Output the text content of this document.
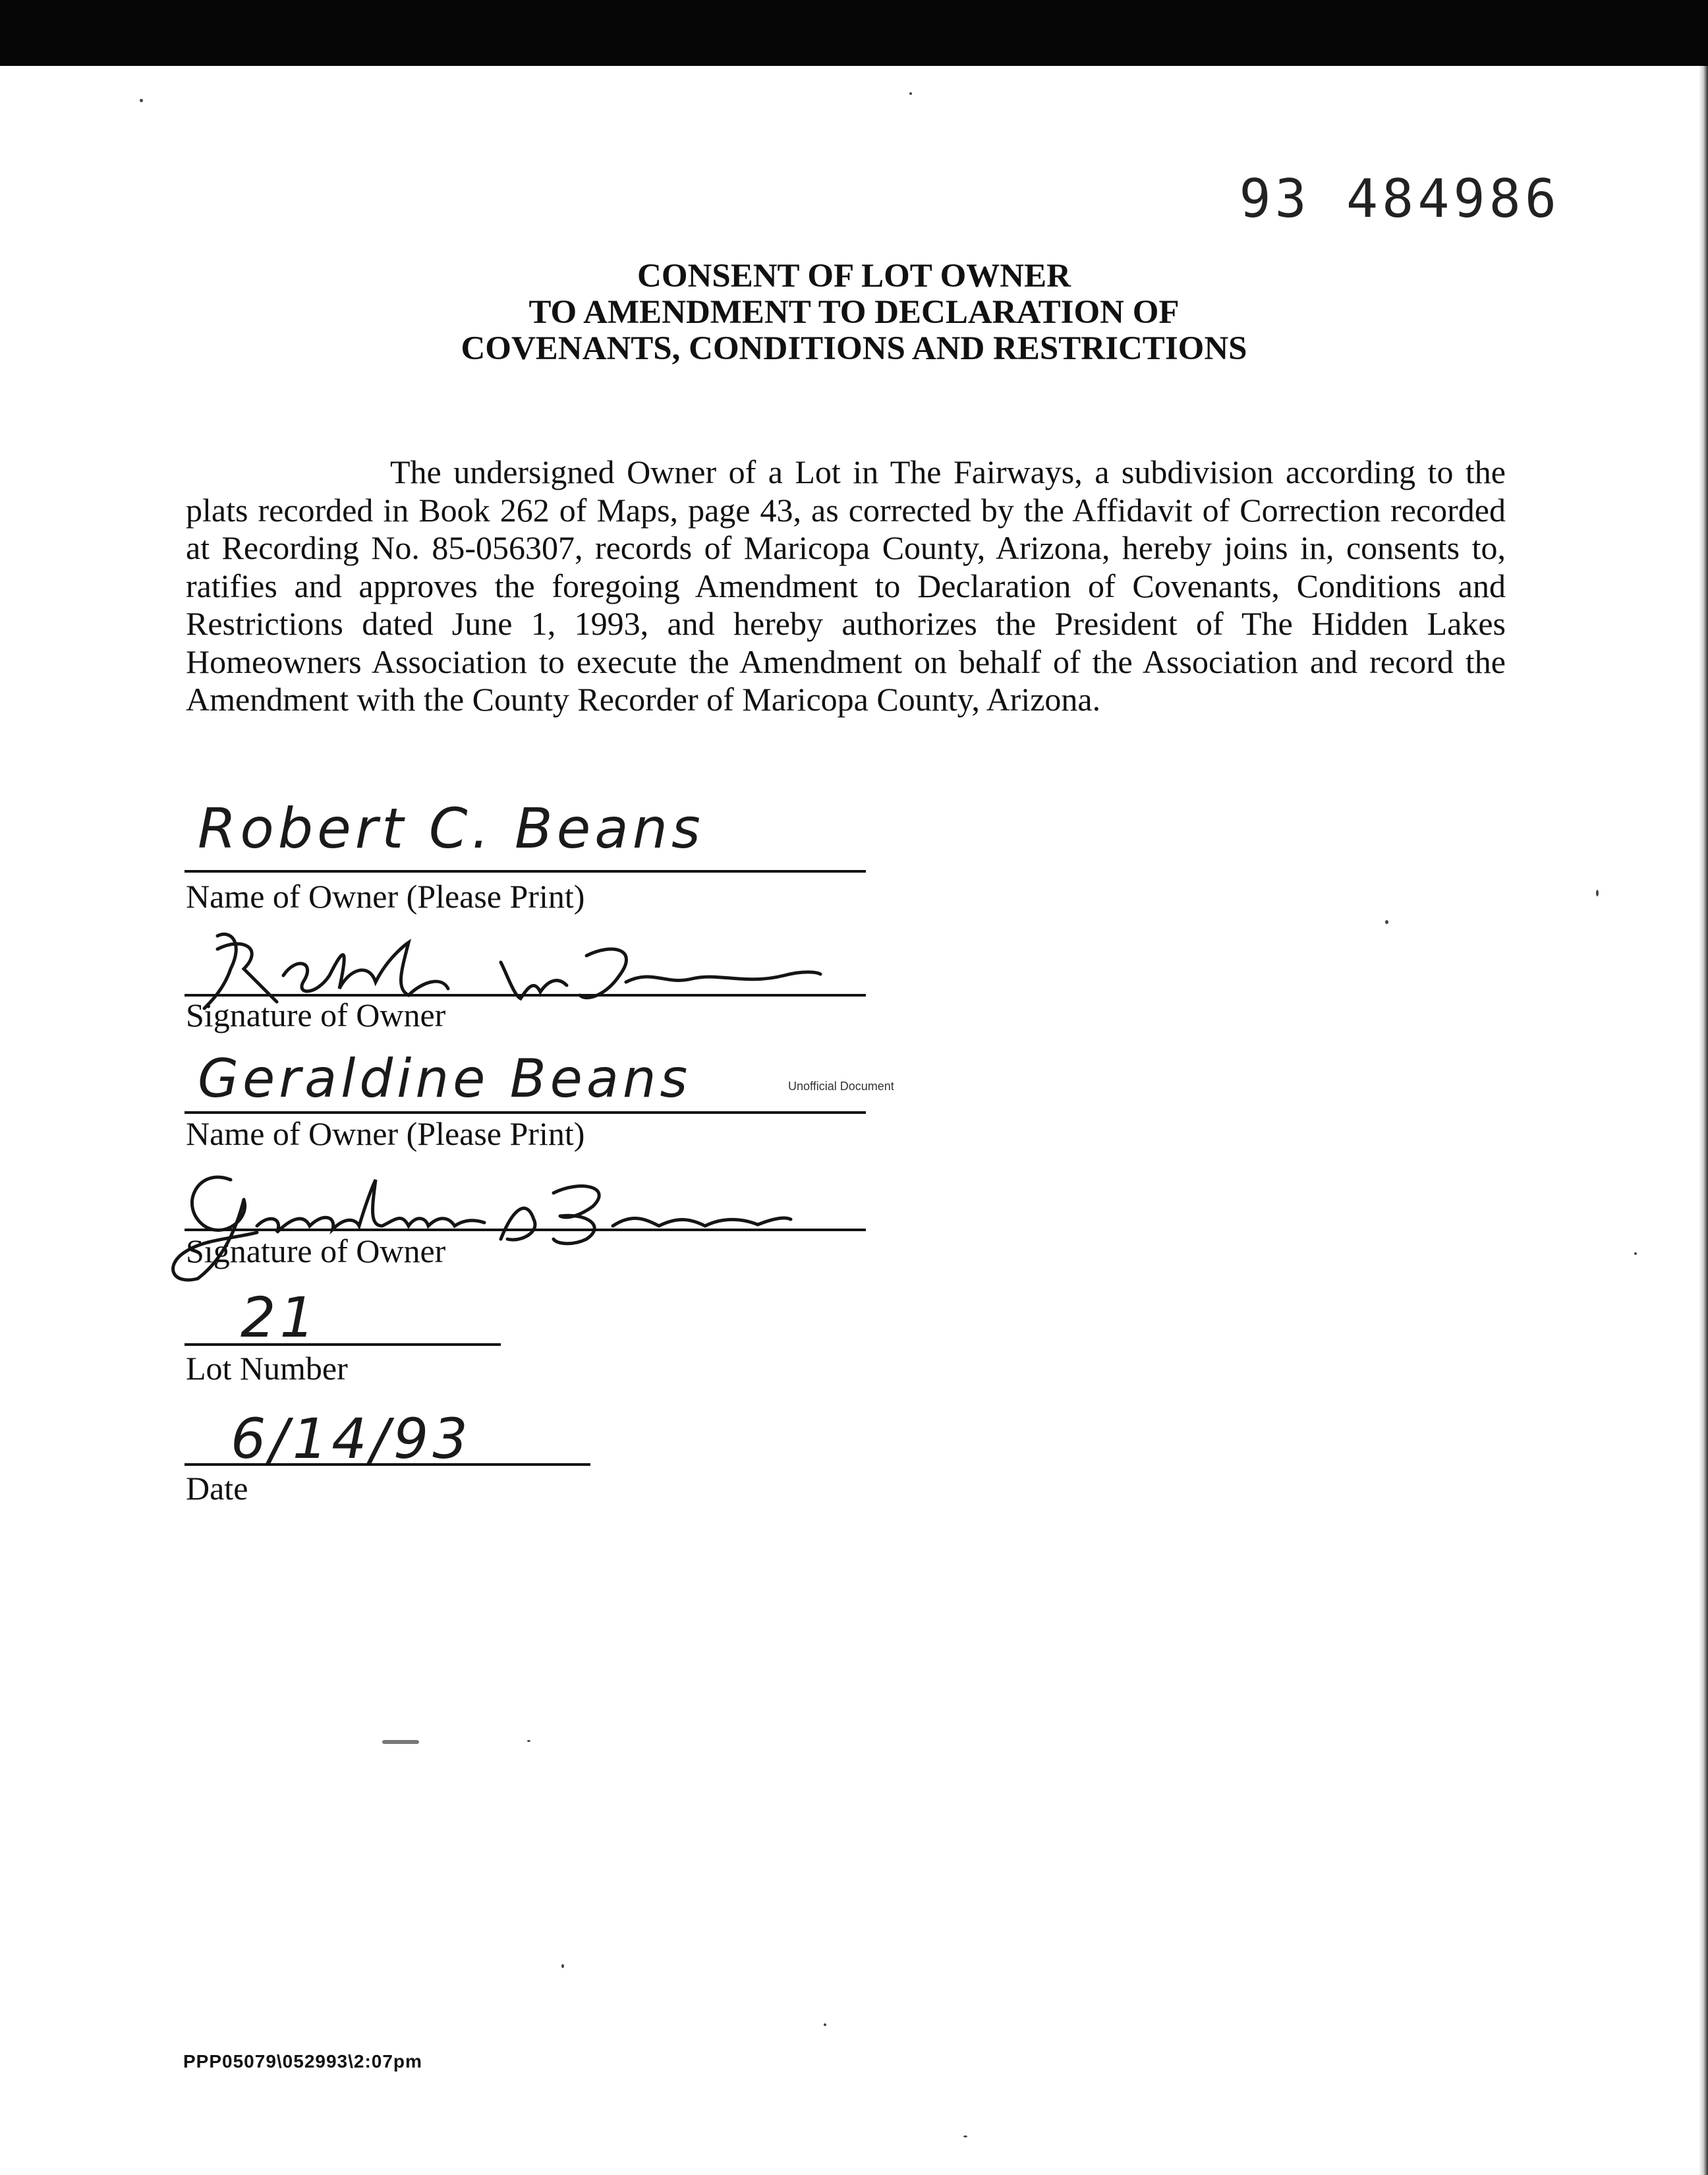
93 484986
CONSENT OF LOT OWNER
TO AMENDMENT TO DECLARATION OF
COVENANTS, CONDITIONS AND RESTRICTIONS
The undersigned Owner of a Lot in The Fairways, a subdivision according to the plats recorded in Book 262 of Maps, page 43, as corrected by the Affidavit of Correction recorded at Recording No. 85-056307, records of Maricopa County, Arizona, hereby joins in, consents to, ratifies and approves the foregoing Amendment to Declaration of Covenants, Conditions and Restrictions dated June 1, 1993, and hereby authorizes the President of The Hidden Lakes Homeowners Association to execute the Amendment on behalf of the Association and record the Amendment with the County Recorder of Maricopa County, Arizona.
Robert C. Beans
Name of Owner (Please Print)
Signature of Owner
Geraldine Beans	Unofficial Document
Name of Owner (Please Print)
Signature of Owner
21
Lot Number
6/14/93
Date
PPP05079\052993\2:07pm
